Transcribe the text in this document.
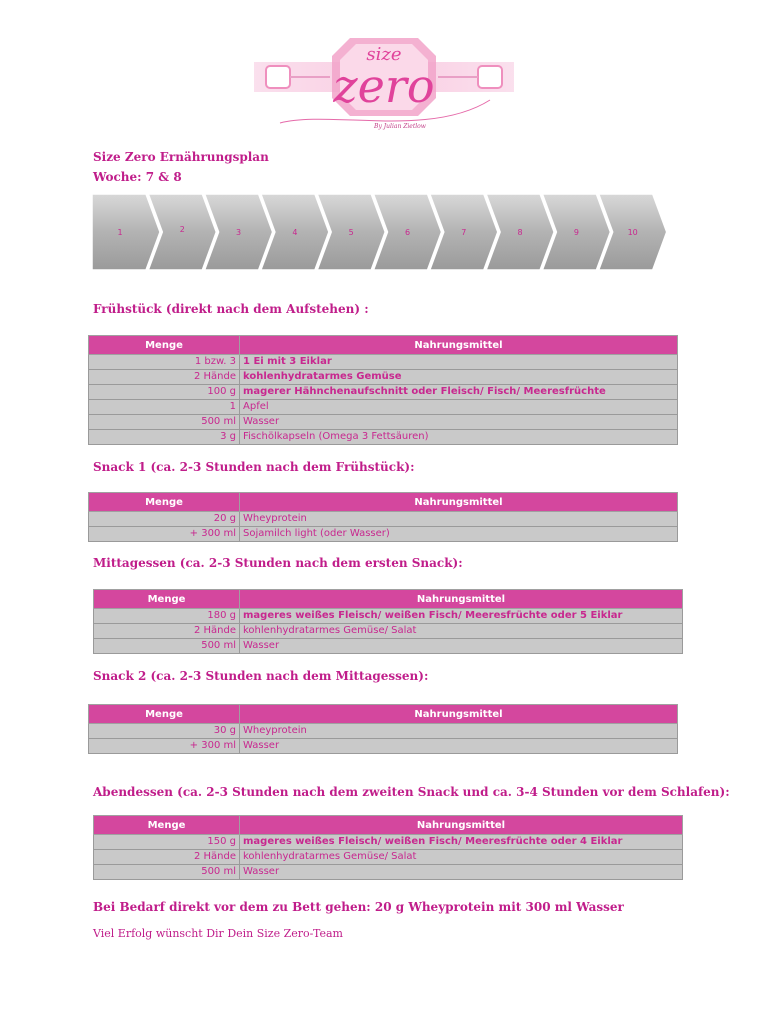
size
zero
By Julian Zietlow
Size Zero Ernährungsplan
Woche: 7 & 8
1	2	3	4	5	6	7	8	9	10
Frühstück (direkt nach dem Aufstehen) :
Menge	Nahrungsmittel
1 bzw. 3	1 Ei mit 3 Eiklar
2 Hände	kohlenhydratarmes Gemüse
100 g	magerer Hähnchenaufschnitt oder Fleisch/ Fisch/ Meeresfrüchte
1	Apfel
500 ml	Wasser
3 g	Fischölkapseln (Omega 3 Fettsäuren)
Snack 1 (ca. 2-3 Stunden nach dem Frühstück):
Menge	Nahrungsmittel
20 g	Wheyprotein
+ 300 ml	Sojamilch light (oder Wasser)
Mittagessen (ca. 2-3 Stunden nach dem ersten Snack):
Menge	Nahrungsmittel
180 g	mageres weißes Fleisch/ weißen Fisch/ Meeresfrüchte oder 5 Eiklar
2 Hände	kohlenhydratarmes Gemüse/ Salat
500 ml	Wasser
Snack 2 (ca. 2-3 Stunden nach dem Mittagessen):
Menge	Nahrungsmittel
30 g	Wheyprotein
+ 300 ml	Wasser
Abendessen (ca. 2-3 Stunden nach dem zweiten Snack und ca. 3-4 Stunden vor dem Schlafen):
Menge	Nahrungsmittel
150 g	mageres weißes Fleisch/ weißen Fisch/ Meeresfrüchte oder 4 Eiklar
2 Hände	kohlenhydratarmes Gemüse/ Salat
500 ml	Wasser
Bei Bedarf direkt vor dem zu Bett gehen: 20 g Wheyprotein mit 300 ml Wasser
Viel Erfolg wünscht Dir Dein Size Zero-Team
